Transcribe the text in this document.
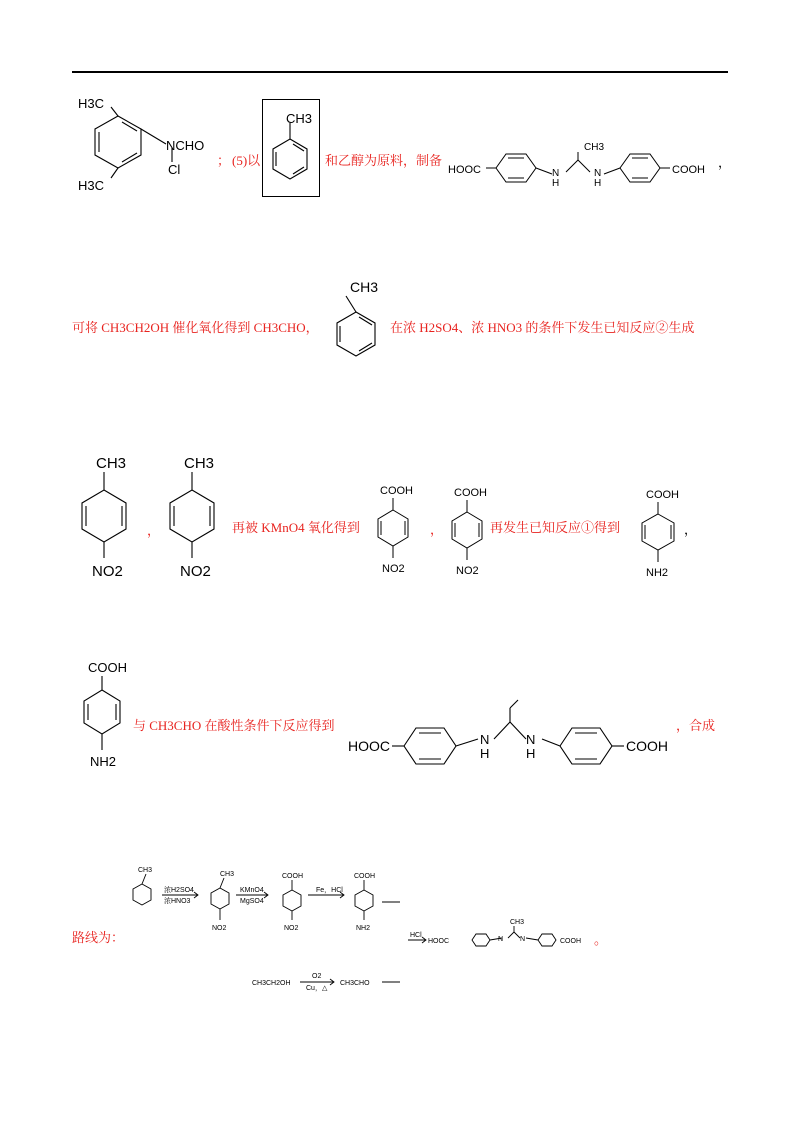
H3C
H3C
NCHO
Cl
； (5)以
CH3
和乙醇为原料，制备
HOOC
CH3
N
H
N
H
COOH ，
可将 CH3CH2OH 催化氧化得到 CH3CHO，
CH3
在浓 H2SO4、浓 HNO3 的条件下发生已知反应②生成
CH3
NO2
，
CH3
NO2
再被 KMnO4 氧化得到
COOH
NO2
，
COOH
NO2
再发生已知反应①得到
COOH
NH2
，
COOH
NH2
与 CH3CHO 在酸性条件下反应得到
HOOC	N
H
N
H	COOH
，合成
路线为：
CH3
浓H2SO4
浓HNO3
CH3
NO2
KMnO4
MgSO4
COOH
NO2
Fe，HCl
COOH
NH2
HCl
HOOC	N N
CH3
COOH
CH3CH2OH
O2
Cu，△
CH3CHO
。
